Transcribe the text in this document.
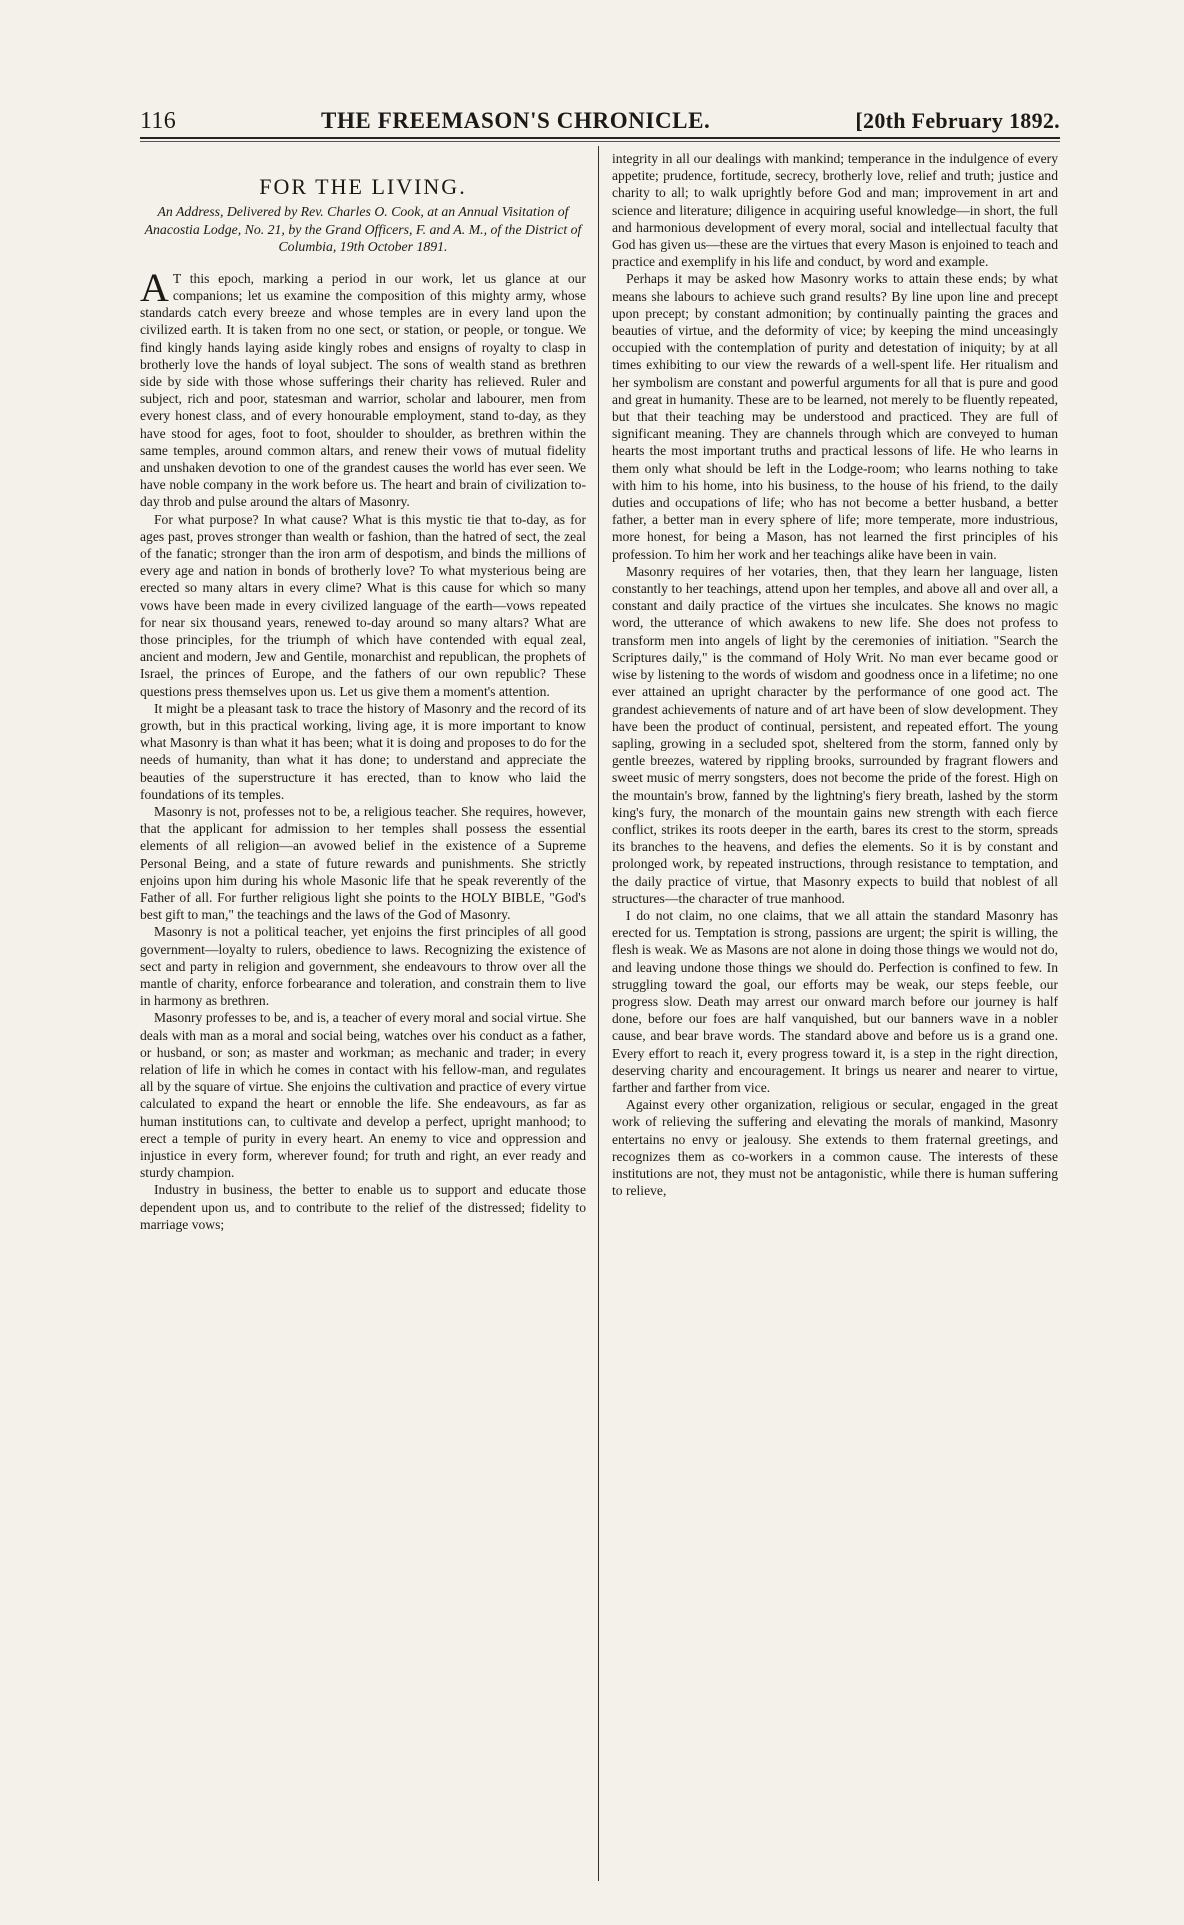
116	THE FREEMASON'S CHRONICLE.	[20th February 1892.
FOR THE LIVING.
An Address, Delivered by Rev. Charles O. Cook, at an Annual Visitation of Anacostia Lodge, No. 21, by the Grand Officers, F. and A. M., of the District of Columbia, 19th October 1891.

A T this epoch, marking a period in our work, let us glance at our companions; let us examine the composition of this mighty army, whose standards catch every breeze and whose temples are in every land upon the civilized earth. It is taken from no one sect, or station, or people, or tongue. We find kingly hands laying aside kingly robes and ensigns of royalty to clasp in brotherly love the hands of loyal subject. The sons of wealth stand as brethren side by side with those whose sufferings their charity has relieved. Ruler and subject, rich and poor, statesman and warrior, scholar and labourer, men from every honest class, and of every honourable employment, stand to-day, as they have stood for ages, foot to foot, shoulder to shoulder, as brethren within the same temples, around common altars, and renew their vows of mutual fidelity and unshaken devotion to one of the grandest causes the world has ever seen. We have noble company in the work before us. The heart and brain of civilization to-day throb and pulse around the altars of Masonry.

For what purpose? In what cause? What is this mystic tie that to-day, as for ages past, proves stronger than wealth or fashion, than the hatred of sect, the zeal of the fanatic; stronger than the iron arm of despotism, and binds the millions of every age and nation in bonds of brotherly love? To what mysterious being are erected so many altars in every clime? What is this cause for which so many vows have been made in every civilized language of the earth—vows repeated for near six thousand years, renewed to-day around so many altars? What are those principles, for the triumph of which have contended with equal zeal, ancient and modern, Jew and Gentile, monarchist and republican, the prophets of Israel, the princes of Europe, and the fathers of our own republic? These questions press themselves upon us. Let us give them a moment's attention.

It might be a pleasant task to trace the history of Masonry and the record of its growth, but in this practical working, living age, it is more important to know what Masonry is than what it has been; what it is doing and proposes to do for the needs of humanity, than what it has done; to understand and appreciate the beauties of the superstructure it has erected, than to know who laid the foundations of its temples.

Masonry is not, professes not to be, a religious teacher. She requires, however, that the applicant for admission to her temples shall possess the essential elements of all religion—an avowed belief in the existence of a Supreme Personal Being, and a state of future rewards and punishments. She strictly enjoins upon him during his whole Masonic life that he speak reverently of the Father of all. For further religious light she points to the HOLY BIBLE, "God's best gift to man," the teachings and the laws of the God of Masonry.

Masonry is not a political teacher, yet enjoins the first principles of all good government—loyalty to rulers, obedience to laws. Recognizing the existence of sect and party in religion and government, she endeavours to throw over all the mantle of charity, enforce forbearance and toleration, and constrain them to live in harmony as brethren.

Masonry professes to be, and is, a teacher of every moral and social virtue. She deals with man as a moral and social being, watches over his conduct as a father, or husband, or son; as master and workman; as mechanic and trader; in every relation of life in which he comes in contact with his fellow-man, and regulates all by the square of virtue. She enjoins the cultivation and practice of every virtue calculated to expand the heart or ennoble the life. She endeavours, as far as human institutions can, to cultivate and develop a perfect, upright manhood; to erect a temple of purity in every heart. An enemy to vice and oppression and injustice in every form, wherever found; for truth and right, an ever ready and sturdy champion.

Industry in business, the better to enable us to support and educate those dependent upon us, and to contribute to the relief of the distressed; fidelity to marriage vows;

integrity in all our dealings with mankind; temperance in the indulgence of every appetite; prudence, fortitude, secrecy, brotherly love, relief and truth; justice and charity to all; to walk uprightly before God and man; improvement in art and science and literature; diligence in acquiring useful knowledge—in short, the full and harmonious development of every moral, social and intellectual faculty that God has given us—these are the virtues that every Mason is enjoined to teach and practice and exemplify in his life and conduct, by word and example.

Perhaps it may be asked how Masonry works to attain these ends; by what means she labours to achieve such grand results? By line upon line and precept upon precept; by constant admonition; by continually painting the graces and beauties of virtue, and the deformity of vice; by keeping the mind unceasingly occupied with the contemplation of purity and detestation of iniquity; by at all times exhibiting to our view the rewards of a well-spent life. Her ritualism and her symbolism are constant and powerful arguments for all that is pure and good and great in humanity. These are to be learned, not merely to be fluently repeated, but that their teaching may be understood and practiced. They are full of significant meaning. They are channels through which are conveyed to human hearts the most important truths and practical lessons of life. He who learns in them only what should be left in the Lodge-room; who learns nothing to take with him to his home, into his business, to the house of his friend, to the daily duties and occupations of life; who has not become a better husband, a better father, a better man in every sphere of life; more temperate, more industrious, more honest, for being a Mason, has not learned the first principles of his profession. To him her work and her teachings alike have been in vain.

Masonry requires of her votaries, then, that they learn her language, listen constantly to her teachings, attend upon her temples, and above all and over all, a constant and daily practice of the virtues she inculcates. She knows no magic word, the utterance of which awakens to new life. She does not profess to transform men into angels of light by the ceremonies of initiation. "Search the Scriptures daily," is the command of Holy Writ. No man ever became good or wise by listening to the words of wisdom and goodness once in a lifetime; no one ever attained an upright character by the performance of one good act. The grandest achievements of nature and of art have been of slow development. They have been the product of continual, persistent, and repeated effort. The young sapling, growing in a secluded spot, sheltered from the storm, fanned only by gentle breezes, watered by rippling brooks, surrounded by fragrant flowers and sweet music of merry songsters, does not become the pride of the forest. High on the mountain's brow, fanned by the lightning's fiery breath, lashed by the storm king's fury, the monarch of the mountain gains new strength with each fierce conflict, strikes its roots deeper in the earth, bares its crest to the storm, spreads its branches to the heavens, and defies the elements. So it is by constant and prolonged work, by repeated instructions, through resistance to temptation, and the daily practice of virtue, that Masonry expects to build that noblest of all structures—the character of true manhood.

I do not claim, no one claims, that we all attain the standard Masonry has erected for us. Temptation is strong, passions are urgent; the spirit is willing, the flesh is weak. We as Masons are not alone in doing those things we would not do, and leaving undone those things we should do. Perfection is confined to few. In struggling toward the goal, our efforts may be weak, our steps feeble, our progress slow. Death may arrest our onward march before our journey is half done, before our foes are half vanquished, but our banners wave in a nobler cause, and bear brave words. The standard above and before us is a grand one. Every effort to reach it, every progress toward it, is a step in the right direction, deserving charity and encouragement. It brings us nearer and nearer to virtue, farther and farther from vice.

Against every other organization, religious or secular, engaged in the great work of relieving the suffering and elevating the morals of mankind, Masonry entertains no envy or jealousy. She extends to them fraternal greetings, and recognizes them as co-workers in a common cause. The interests of these institutions are not, they must not be antagonistic, while there is human suffering to relieve,
